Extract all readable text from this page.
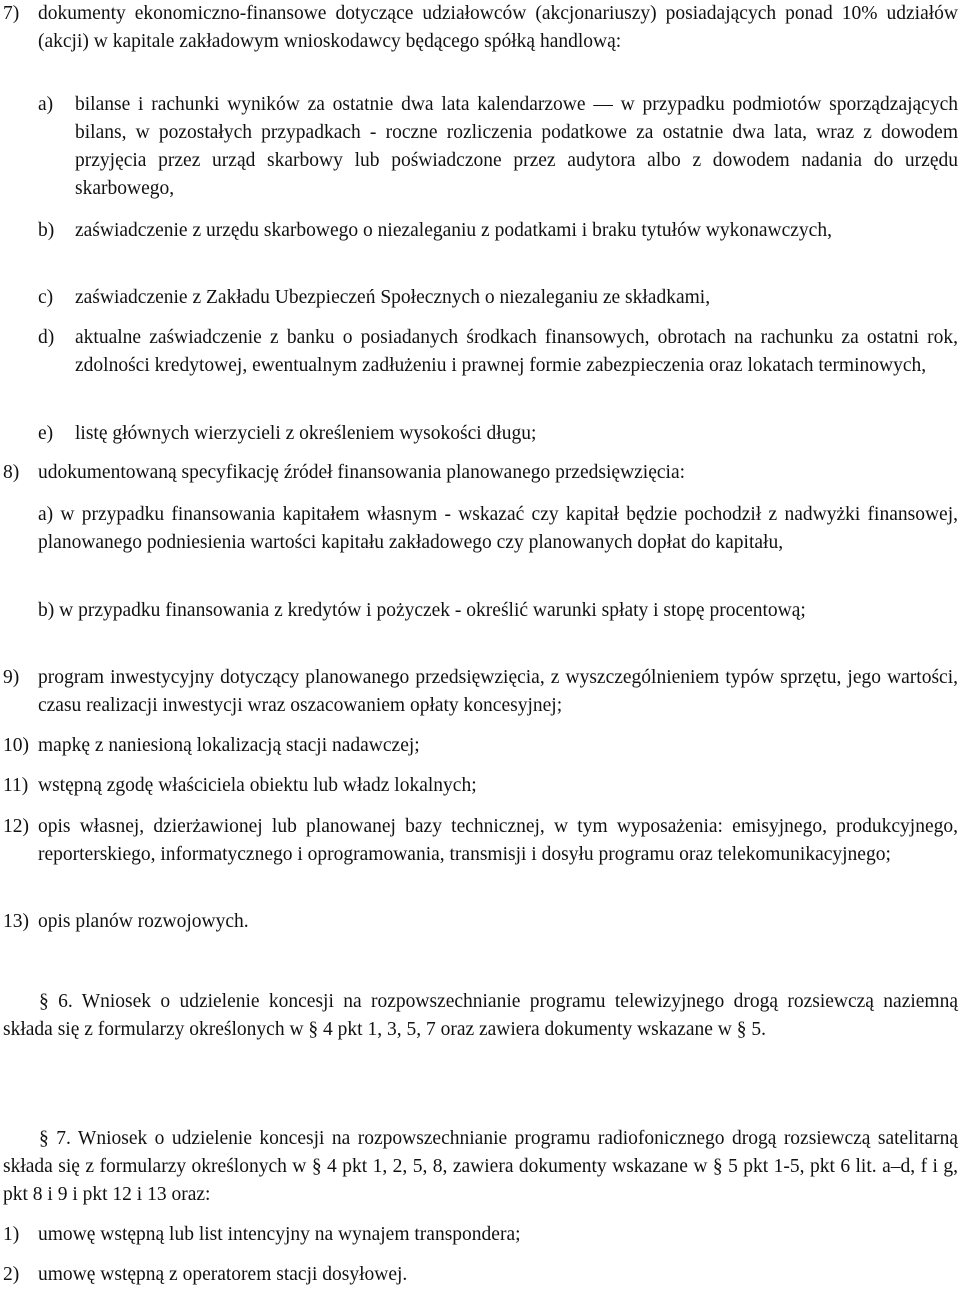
7) dokumenty ekonomiczno-finansowe dotyczące udziałowców (akcjonariuszy) posiadających ponad 10% udziałów (akcji) w kapitale zakładowym wnioskodawcy będącego spółką handlową:

a) bilanse i rachunki wyników za ostatnie dwa lata kalendarzowe — w przypadku podmiotów sporządzających bilans, w pozostałych przypadkach - roczne rozliczenia podatkowe za ostatnie dwa lata, wraz z dowodem przyjęcia przez urząd skarbowy lub poświadczone przez audytora albo z dowodem nadania do urzędu skarbowego,

b) zaświadczenie z urzędu skarbowego o niezaleganiu z podatkami i braku tytułów wykonawczych,

c) zaświadczenie z Zakładu Ubezpieczeń Społecznych o niezaleganiu ze składkami,

d) aktualne zaświadczenie z banku o posiadanych środkach finansowych, obrotach na rachunku za ostatni rok, zdolności kredytowej, ewentualnym zadłużeniu i prawnej formie zabezpieczenia oraz lokatach terminowych,

e) listę głównych wierzycieli z określeniem wysokości długu;

8) udokumentowaną specyfikację źródeł finansowania planowanego przedsięwzięcia:

a) w przypadku finansowania kapitałem własnym - wskazać czy kapitał będzie pochodził z nadwyżki finansowej, planowanego podniesienia wartości kapitału zakładowego czy planowanych dopłat do kapitału,

b) w przypadku finansowania z kredytów i pożyczek - określić warunki spłaty i stopę procentową;

9) program inwestycyjny dotyczący planowanego przedsięwzięcia, z wyszczególnieniem typów sprzętu, jego wartości, czasu realizacji inwestycji wraz oszacowaniem opłaty koncesyjnej;

10) mapkę z naniesioną lokalizacją stacji nadawczej;

11) wstępną zgodę właściciela obiektu lub władz lokalnych;

12) opis własnej, dzierżawionej lub planowanej bazy technicznej, w tym wyposażenia: emisyjnego, produkcyjnego, reporterskiego, informatycznego i oprogramowania, transmisji i dosyłu programu oraz telekomunikacyjnego;

13) opis planów rozwojowych.

§ 6. Wniosek o udzielenie koncesji na rozpowszechnianie programu telewizyjnego drogą rozsiewczą naziemną składa się z formularzy określonych w § 4 pkt 1, 3, 5, 7 oraz zawiera dokumenty wskazane w § 5.

§ 7. Wniosek o udzielenie koncesji na rozpowszechnianie programu radiofonicznego drogą rozsiewczą satelitarną składa się z formularzy określonych w § 4 pkt 1, 2, 5, 8, zawiera dokumenty wskazane w § 5 pkt 1-5, pkt 6 lit. a–d, f i g, pkt 8 i 9 i pkt 12 i 13 oraz:

1) umowę wstępną lub list intencyjny na wynajem transpondera;

2) umowę wstępną z operatorem stacji dosyłowej.
